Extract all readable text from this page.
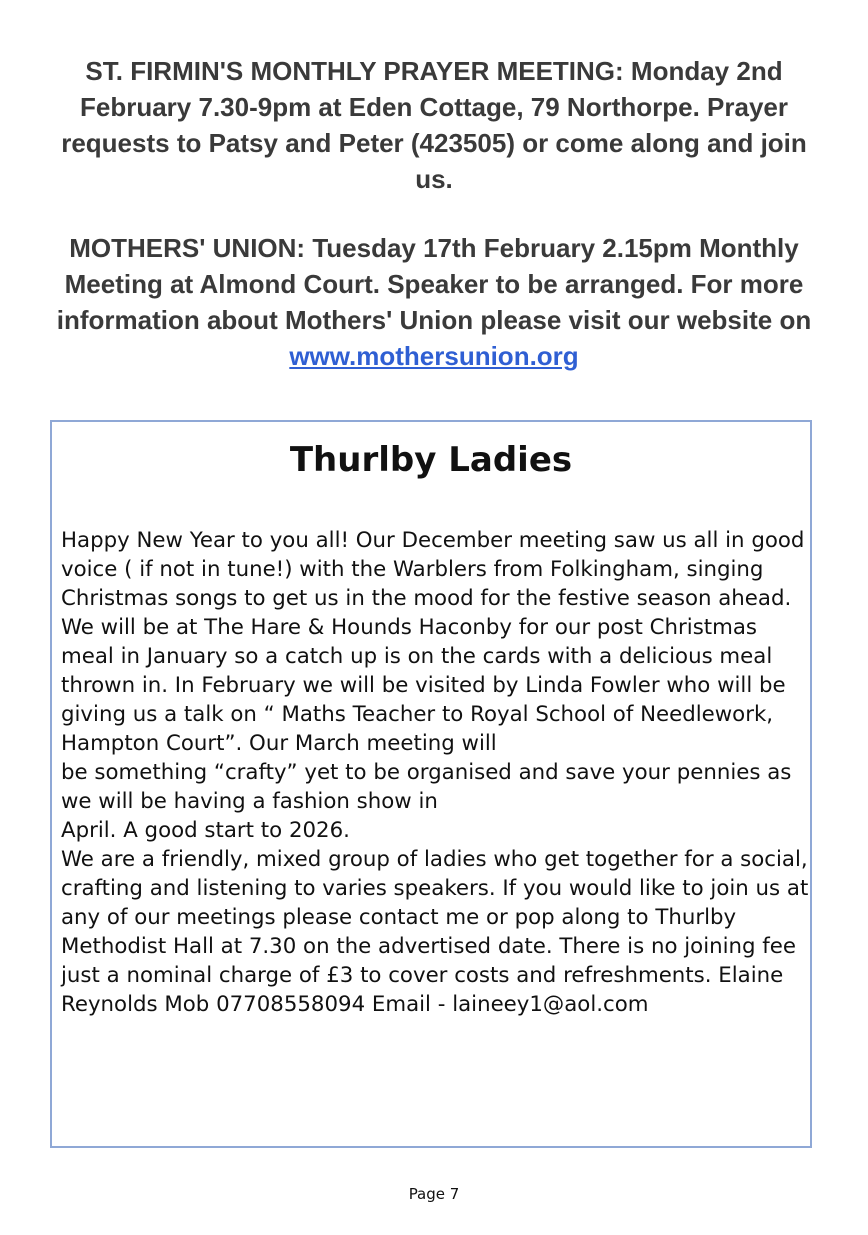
ST. FIRMIN'S MONTHLY PRAYER MEETING: Monday 2nd February 7.30-9pm at Eden Cottage, 79 Northorpe. Prayer requests to Patsy and Peter (423505) or come along and join us.

MOTHERS' UNION: Tuesday 17th February 2.15pm Monthly Meeting at Almond Court. Speaker to be arranged. For more information about Mothers' Union please visit our website on www.mothersunion.org

Thurlby Ladies
Happy New Year to you all! Our December meeting saw us all in good voice ( if not in tune!) with the Warblers from Folkingham, singing Christmas songs to get us in the mood for the festive season ahead.
We will be at The Hare & Hounds Haconby for our post Christmas meal in January so a catch up is on the cards with a delicious meal thrown in. In February we will be visited by Linda Fowler who will be giving us a talk on “ Maths Teacher to Royal School of Needlework, Hampton Court”. Our March meeting will
be something “crafty” yet to be organised and save your pennies as we will be having a fashion show in
April. A good start to 2026.
We are a friendly, mixed group of ladies who get together for a social, crafting and listening to varies speakers. If you would like to join us at any of our meetings please contact me or pop along to Thurlby Methodist Hall at 7.30 on the advertised date. There is no joining fee just a nominal charge of £3 to cover costs and refreshments. Elaine Reynolds Mob 07708558094 Email - laineey1@aol.com
Page 7
